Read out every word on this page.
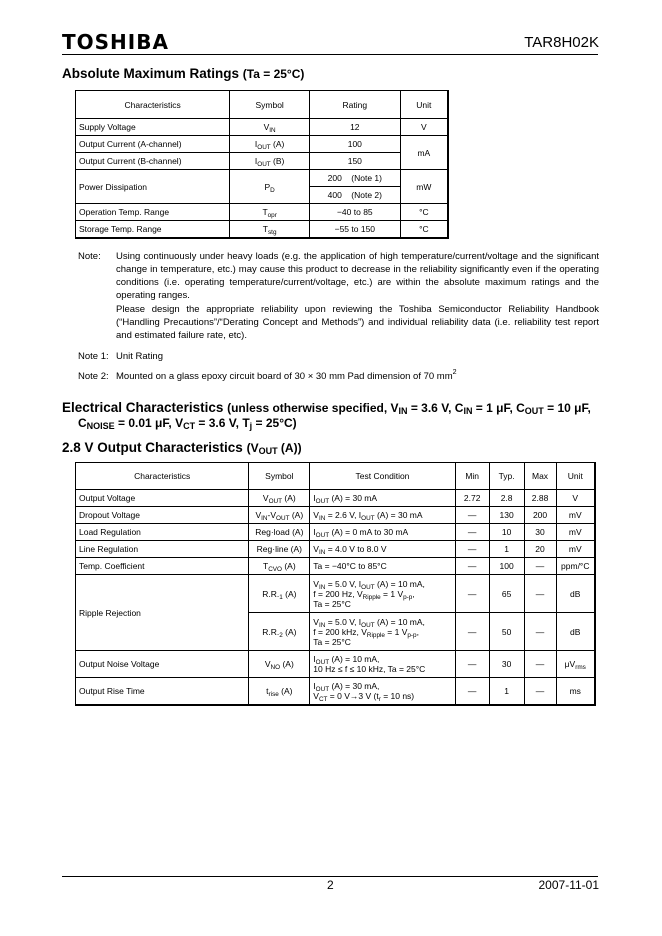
TOSHIBA	TAR8H02K
Absolute Maximum Ratings (Ta = 25°C)
Characteristics	Symbol	Rating	Unit
Supply Voltage	$V_{IN}$	12	V
Output Current (A-channel)	$I_{OUT}$ (A)	100	mA
Output Current (B-channel)	$I_{OUT}$ (B)	150	
Power Dissipation	$P_D$	200 (Note 1)	mW
		400 (Note 2)	
Operation Temp. Range	$T_{opr}$	−40 to 85	°C
Storage Temp. Range	$T_{stg}$	−55 to 150	°C
Note: Using continuously under heavy loads (e.g. the application of high temperature/current/voltage and the significant change in temperature, etc.) may cause this product to decrease in the reliability significantly even if the operating conditions (i.e. operating temperature/current/voltage, etc.) are within the absolute maximum ratings and the operating ranges.
Please design the appropriate reliability upon reviewing the Toshiba Semiconductor Reliability Handbook (“Handling Precautions”/“Derating Concept and Methods”) and individual reliability data (i.e. reliability test report and estimated failure rate, etc).
Note 1: Unit Rating
Note 2: Mounted on a glass epoxy circuit board of 30 × 30 mm Pad dimension of 70 $mm^2$
Electrical Characteristics (unless otherwise specified, $V_{IN} = 3.6$ V, $C_{IN} = 1$ μF, $C_{OUT} = 10$ μF,
$C_{NOISE} = 0.01$ μF, $V_{CT} = 3.6$ V, $T_j = 25^\circ C$)
2.8 V Output Characteristics ($V_{OUT}$ (A))
Characteristics	Symbol	Test Condition	Min	Typ.	Max	Unit
Output Voltage	$V_{OUT}$ (A)	$I_{OUT}$ (A) = 30 mA	2.72	2.8	2.88	V
Dropout Voltage	$V_{IN}-V_{OUT}$ (A)	$V_{IN} = 2.6$ V, $I_{OUT}$ (A) = 30 mA	—	130	200	mV
Load Regulation	Reg·load (A)	$I_{OUT}$ (A) = 0 mA to 30 mA	—	10	30	mV
Line Regulation	Reg·line (A)	$V_{IN} = 4.0$ V to 8.0 V	—	1	20	mV
Temp. Coefficient	$T_{CVO}$ (A)	Ta = −40°C to 85°C	—	100	—	ppm/°C
Ripple Rejection	$R.R._1$ (A)	$V_{IN} = 5.0$ V, $I_{OUT}$ (A) = 10 mA,
f = 200 Hz, $V_{Ripple} = 1$ $V_{p-p}$,
Ta = 25°C	—	65	—	dB
	$R.R._2$ (A)	$V_{IN} = 5.0$ V, $I_{OUT}$ (A) = 10 mA,
f = 200 kHz, $V_{Ripple} = 1$ $V_{p-p}$,
Ta = 25°C	—	50	—	dB
Output Noise Voltage	$V_{NO}$ (A)	$I_{OUT}$ (A) = 10 mA,
10 Hz ≤ f ≤ 10 kHz, Ta = 25°C	—	30	—	$\mu V_{rms}$
Output Rise Time	$t_{rise}$ (A)	$I_{OUT}$ (A) = 30 mA,
$V_{CT} = 0$ V→3 V ($t_r = 10$ ns)	—	1	—	ms
2	2007-11-01
